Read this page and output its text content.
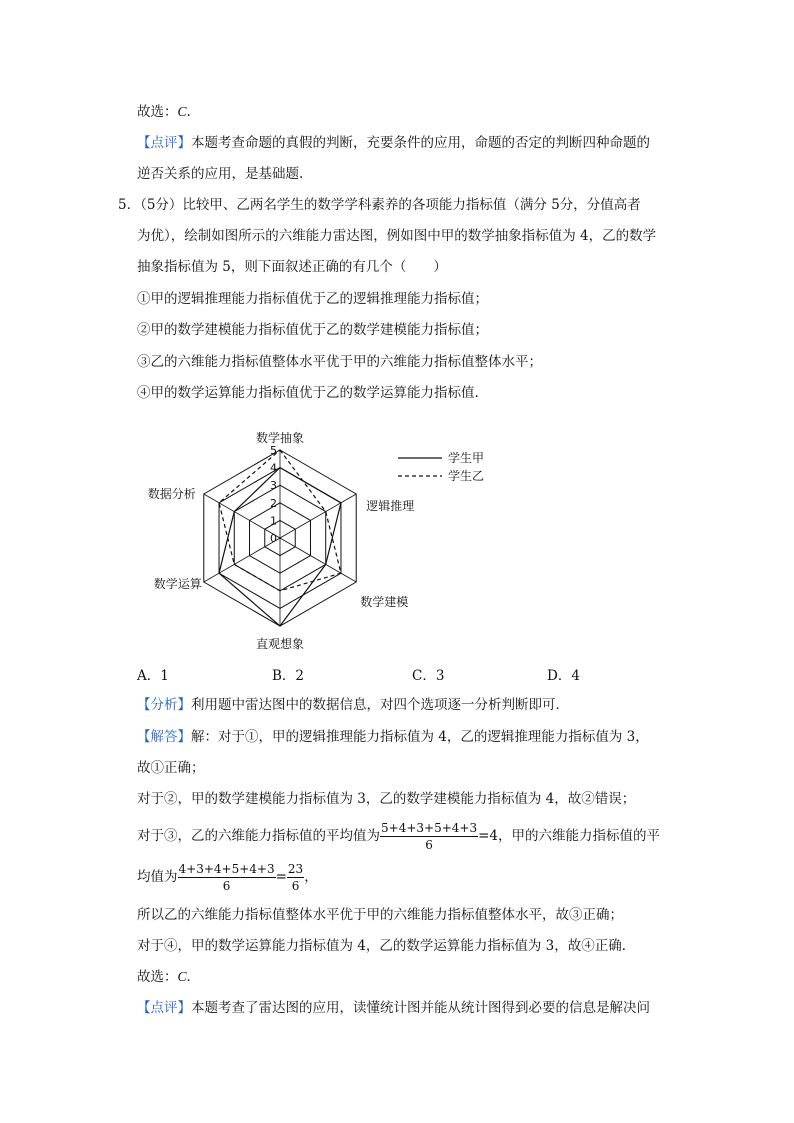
故选：C.
【点评】本题考查命题的真假的判断，充要条件的应用，命题的否定的判断四种命题的
逆否关系的应用，是基础题.
5．（5分）比较甲、乙两名学生的数学学科素养的各项能力指标值（满分 5分，分值高者
为优），绘制如图所示的六维能力雷达图，例如图中甲的数学抽象指标值为 4，乙的数学
抽象指标值为 5，则下面叙述正确的有几个（　　）
①甲的逻辑推理能力指标值优于乙的逻辑推理能力指标值；
②甲的数学建模能力指标值优于乙的数学建模能力指标值；
③乙的六维能力指标值整体水平优于甲的六维能力指标值整体水平；
④甲的数学运算能力指标值优于乙的数学运算能力指标值.
0
1
2
3
4
5
数学抽象
逻辑推理
数学建模
直观想象
数学运算
数据分析
学生甲
学生乙
A．1	B．2	C．3	D．4
【分析】利用题中雷达图中的数据信息，对四个选项逐一分析判断即可．
【解答】解：对于①，甲的逻辑推理能力指标值为 4，乙的逻辑推理能力指标值为 3，
故①正确；
对于②，甲的数学建模能力指标值为 3，乙的数学建模能力指标值为 4，故②错误；
对于③，乙的六维能力指标值的平均值为 $\frac{5+4+3+5+4+3}{6} =4$，甲的六维能力指标值的平
均值为 $\frac{4+3+4+5+4+3}{6} = \frac{23}{6}$ ，
所以乙的六维能力指标值整体水平优于甲的六维能力指标值整体水平，故③正确；
对于④，甲的数学运算能力指标值为 4，乙的数学运算能力指标值为 3，故④正确．
故选：C．
【点评】本题考查了雷达图的应用，读懂统计图并能从统计图得到必要的信息是解决问
